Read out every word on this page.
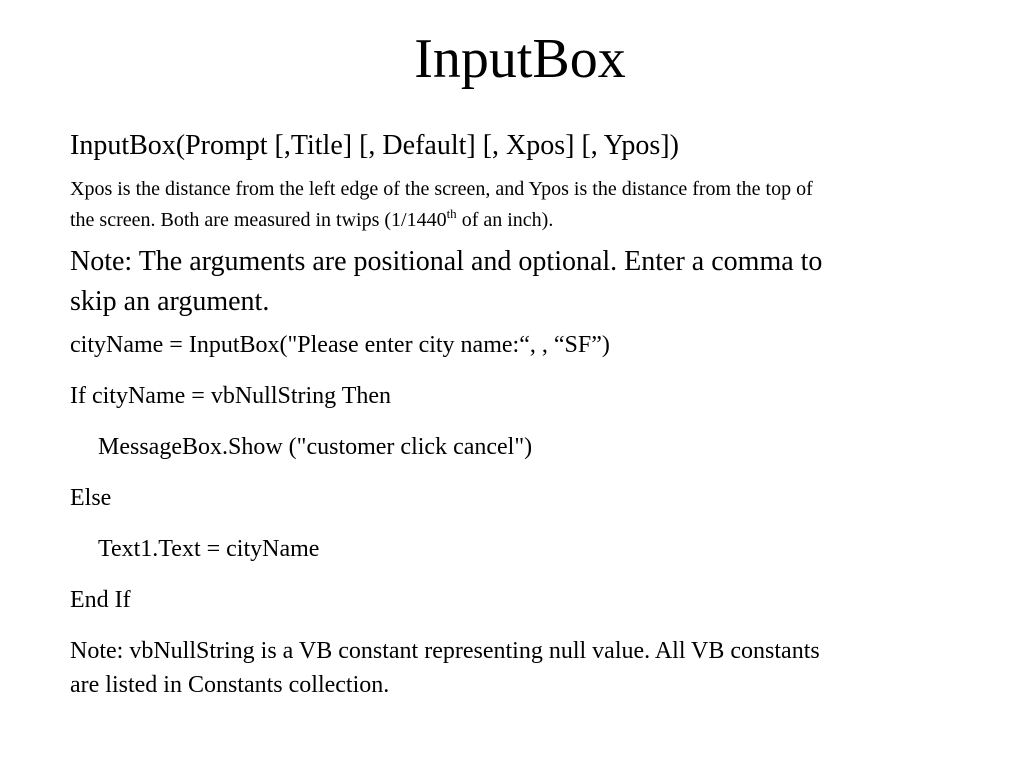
InputBox

InputBox(Prompt [,Title] [, Default] [, Xpos] [, Ypos])

Xpos is the distance from the left edge of the screen, and Ypos is the distance from the top of the screen. Both are measured in twips (1/1440th of an inch).

Note: The arguments are positional and optional. Enter a comma to skip an argument.

cityName = InputBox("Please enter city name:“, , “SF”)

If cityName = vbNullString Then

MessageBox.Show ("customer click cancel")

Else

Text1.Text = cityName

End If

Note: vbNullString is a VB constant representing null value. All VB constants are listed in Constants collection.
